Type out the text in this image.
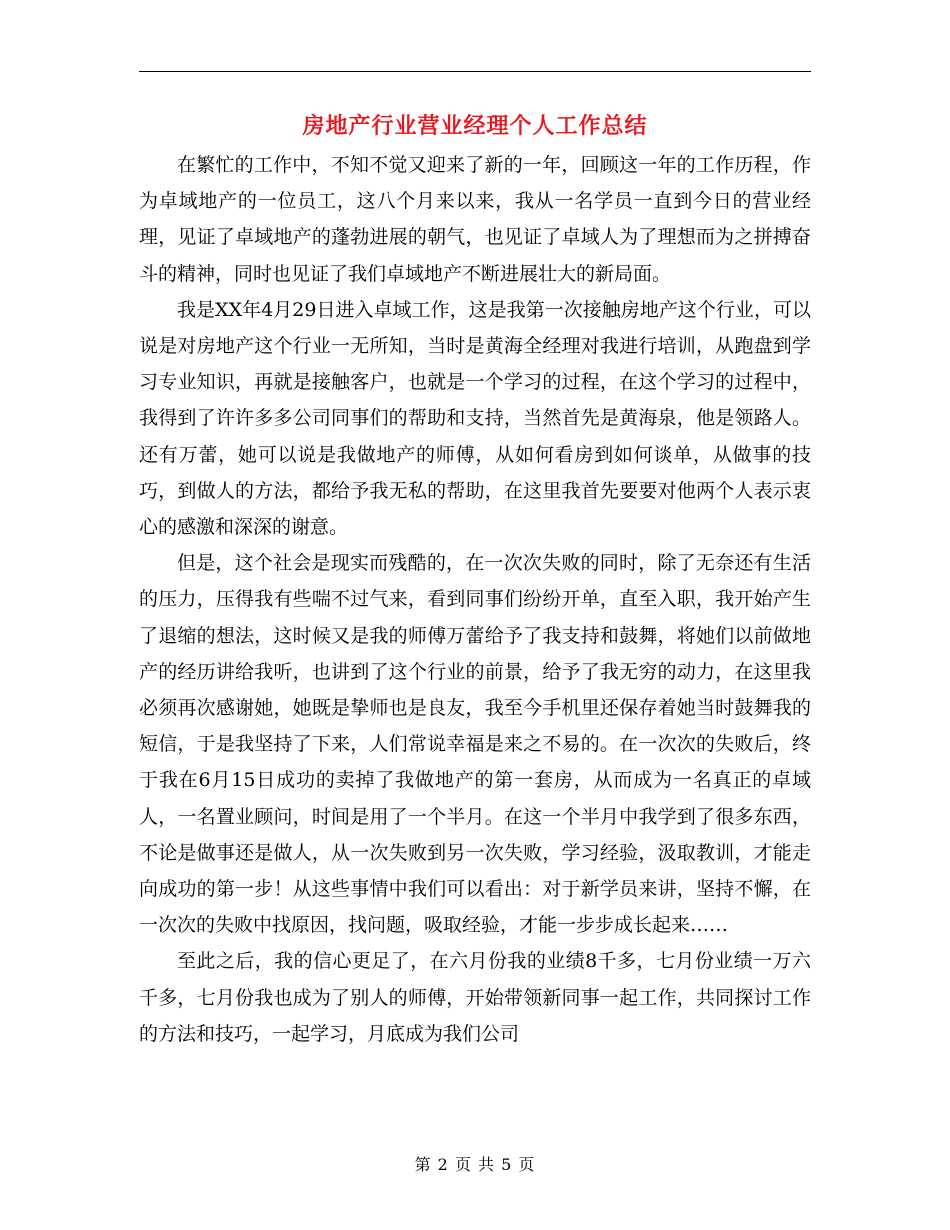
房地产行业营业经理个人工作总结

在繁忙的工作中，不知不觉又迎来了新的一年，回顾这一年的工作历程，作为卓域地产的一位员工，这八个月来以来，我从一名学员一直到今日的营业经理，见证了卓域地产的蓬勃进展的朝气，也见证了卓域人为了理想而为之拼搏奋斗的精神，同时也见证了我们卓域地产不断进展壮大的新局面。

我是XX年4月29日进入卓域工作，这是我第一次接触房地产这个行业，可以说是对房地产这个行业一无所知，当时是黄海全经理对我进行培训，从跑盘到学习专业知识，再就是接触客户，也就是一个学习的过程，在这个学习的过程中，我得到了许许多多公司同事们的帮助和支持，当然首先是黄海泉，他是领路人。还有万蕾，她可以说是我做地产的师傅，从如何看房到如何谈单，从做事的技巧，到做人的方法，都给予我无私的帮助，在这里我首先要要对他两个人表示衷心的感激和深深的谢意。

但是，这个社会是现实而残酷的，在一次次失败的同时，除了无奈还有生活的压力，压得我有些喘不过气来，看到同事们纷纷开单，直至入职，我开始产生了退缩的想法，这时候又是我的师傅万蕾给予了我支持和鼓舞，将她们以前做地产的经历讲给我听，也讲到了这个行业的前景，给予了我无穷的动力，在这里我必须再次感谢她，她既是挚师也是良友，我至今手机里还保存着她当时鼓舞我的短信，于是我坚持了下来，人们常说幸福是来之不易的。在一次次的失败后，终于我在6月15日成功的卖掉了我做地产的第一套房，从而成为一名真正的卓域人，一名置业顾问，时间是用了一个半月。在这一个半月中我学到了很多东西，不论是做事还是做人，从一次失败到另一次失败，学习经验，汲取教训，才能走向成功的第一步！从这些事情中我们可以看出：对于新学员来讲，坚持不懈，在一次次的失败中找原因，找问题，吸取经验，才能一步步成长起来……

至此之后，我的信心更足了，在六月份我的业绩8千多，七月份业绩一万六千多，七月份我也成为了别人的师傅，开始带领新同事一起工作，共同探讨工作的方法和技巧，一起学习，月底成为我们公司

第 2 页 共 5 页
